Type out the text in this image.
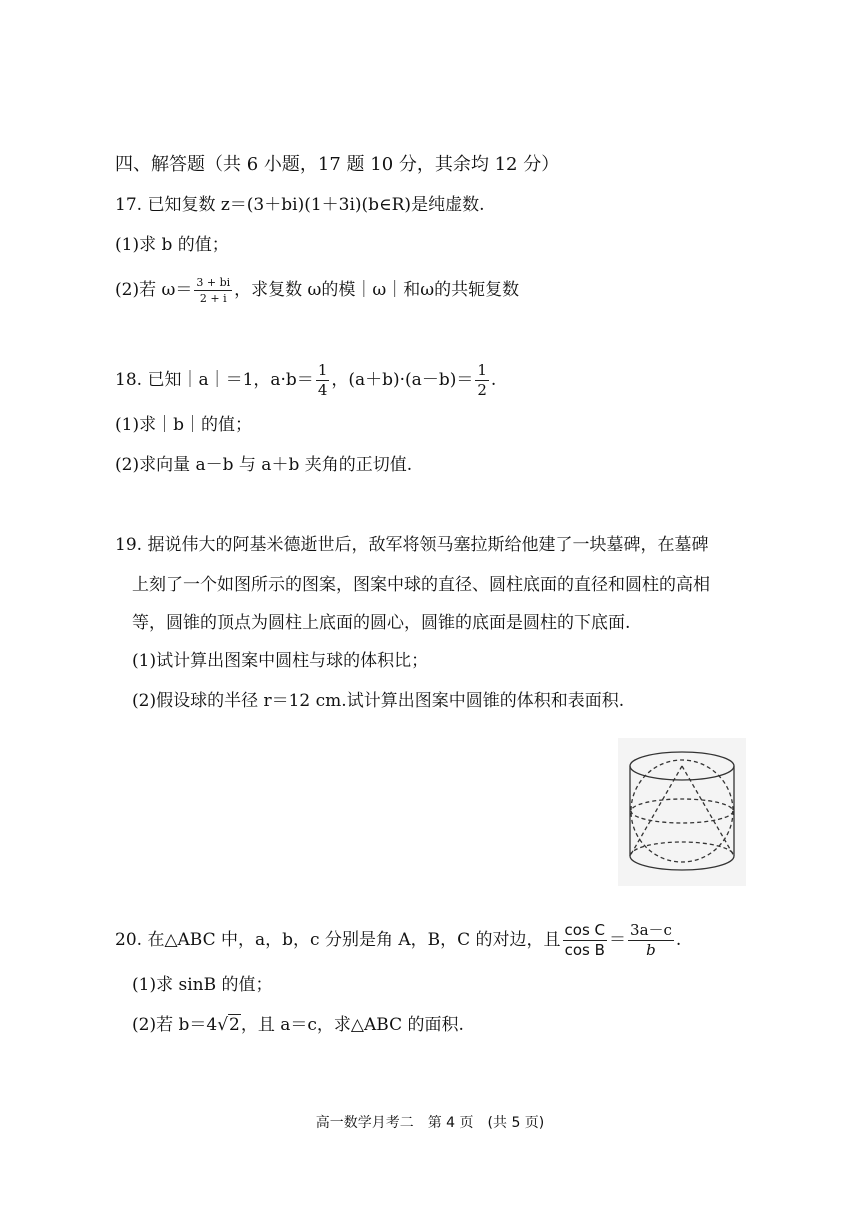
四、解答题（共 6 小题，17 题 10 分，其余均 12 分）
17. 已知复数 z＝(3＋bi)(1＋3i)(b∈R)是纯虚数.
(1)求 b 的值；
(2)若 $\omega= \frac{3 + bi}{2 + i}$ ，求复数 ω的模｜ω｜和ω的共轭复数
18. 已知｜a｜＝1，$a\cdot b= \frac{1}{4}$ ，$(a+b)\cdot(a-b)= \frac{1}{2}$ .
(1)求｜b｜的值；
(2)求向量 a－b 与 a＋b 夹角的正切值.
19. 据说伟大的阿基米德逝世后，敌军将领马塞拉斯给他建了一块墓碑，在墓碑
上刻了一个如图所示的图案，图案中球的直径、圆柱底面的直径和圆柱的高相
等，圆锥的顶点为圆柱上底面的圆心，圆锥的底面是圆柱的下底面.
(1)试计算出图案中圆柱与球的体积比；
(2)假设球的半径 r＝12 cm.试计算出图案中圆锥的体积和表面积.
20. 在△ABC 中，a，b，c 分别是角 A，B，C 的对边，且 $\frac{\text{cos C}}{\text{cos B}} = \frac{3a-c}{b}$ .
(1)求 sinB 的值；
(2)若 b＝4√2，且 a＝c，求△ABC 的面积.
高一数学月考二　第 4 页　(共 5 页)
